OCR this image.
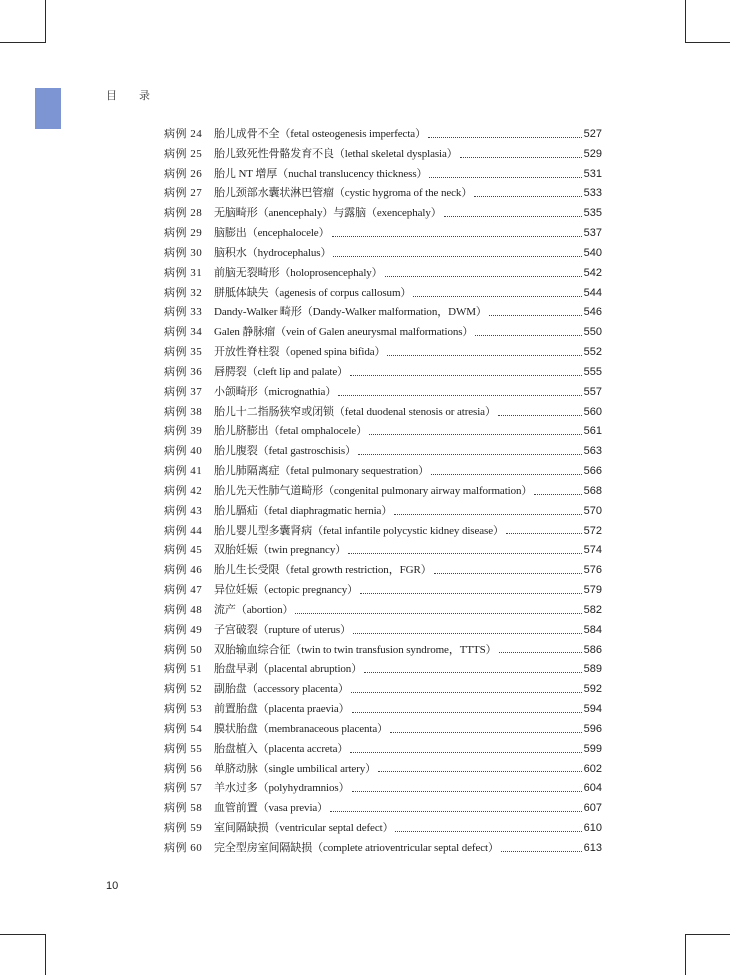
目 录
病例 24	胎儿成骨不全（fetal osteogenesis imperfecta）	527
病例 25	胎儿致死性骨骼发育不良（lethal skeletal dysplasia）	529
病例 26	胎儿 NT 增厚（nuchal translucency thickness）	531
病例 27	胎儿颈部水囊状淋巴管瘤（cystic hygroma of the neck）	533
病例 28	无脑畸形（anencephaly）与露脑（exencephaly）	535
病例 29	脑膨出（encephalocele）	537
病例 30	脑积水（hydrocephalus）	540
病例 31	前脑无裂畸形（holoprosencephaly）	542
病例 32	胼胝体缺失（agenesis of corpus callosum）	544
病例 33	Dandy-Walker 畸形（Dandy-Walker malformation，DWM）	546
病例 34	Galen 静脉瘤（vein of Galen aneurysmal malformations）	550
病例 35	开放性脊柱裂（opened spina bifida）	552
病例 36	唇腭裂（cleft lip and palate）	555
病例 37	小颌畸形（micrognathia）	557
病例 38	胎儿十二指肠狭窄或闭锁（fetal duodenal stenosis or atresia）	560
病例 39	胎儿脐膨出（fetal omphalocele）	561
病例 40	胎儿腹裂（fetal gastroschisis）	563
病例 41	胎儿肺隔离症（fetal pulmonary sequestration）	566
病例 42	胎儿先天性肺气道畸形（congenital pulmonary airway malformation）	568
病例 43	胎儿膈疝（fetal diaphragmatic hernia）	570
病例 44	胎儿婴儿型多囊肾病（fetal infantile polycystic kidney disease）	572
病例 45	双胎妊娠（twin pregnancy）	574
病例 46	胎儿生长受限（fetal growth restriction，FGR）	576
病例 47	异位妊娠（ectopic pregnancy）	579
病例 48	流产（abortion）	582
病例 49	子宫破裂（rupture of uterus）	584
病例 50	双胎输血综合征（twin to twin transfusion syndrome，TTTS）	586
病例 51	胎盘早剥（placental abruption）	589
病例 52	副胎盘（accessory placenta）	592
病例 53	前置胎盘（placenta praevia）	594
病例 54	膜状胎盘（membranaceous placenta）	596
病例 55	胎盘植入（placenta accreta）	599
病例 56	单脐动脉（single umbilical artery）	602
病例 57	羊水过多（polyhydramnios）	604
病例 58	血管前置（vasa previa）	607
病例 59	室间隔缺损（ventricular septal defect）	610
病例 60	完全型房室间隔缺损（complete atrioventricular septal defect）	613
10
